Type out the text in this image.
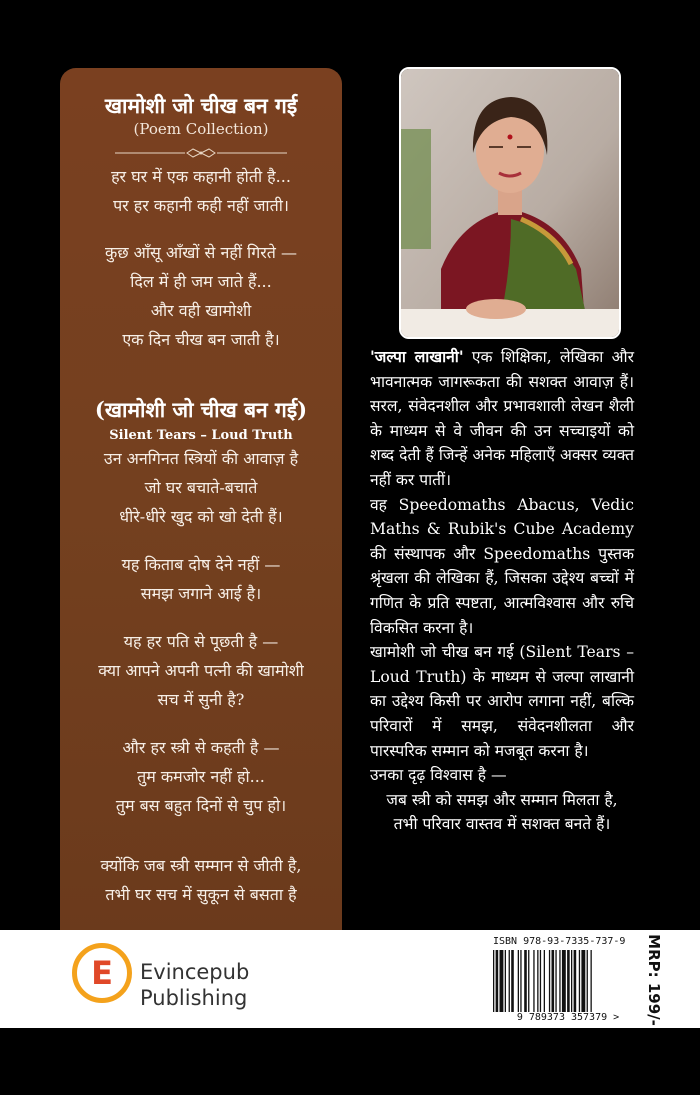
खामोशी जो चीख बन गई
(Poem Collection)
हर घर में एक कहानी होती है...
पर हर कहानी कही नहीं जाती।
कुछ आँसू आँखों से नहीं गिरते —
दिल में ही जम जाते हैं...
और वही खामोशी
एक दिन चीख बन जाती है।
(खामोशी जो चीख बन गई)
Silent Tears – Loud Truth
उन अनगिनत स्त्रियों की आवाज़ है
जो घर बचाते-बचाते
धीरे-धीरे खुद को खो देती हैं।
यह किताब दोष देने नहीं —
समझ जगाने आई है।
यह हर पति से पूछती है —
क्या आपने अपनी पत्नी की खामोशी
सच में सुनी है?
और हर स्त्री से कहती है —
तुम कमजोर नहीं हो...
तुम बस बहुत दिनों से चुप हो।
क्योंकि जब स्त्री सम्मान से जीती है,
तभी घर सच में सुकून से बसता है

'जल्पा लाखानी' एक शिक्षिका, लेखिका और भावनात्मक जागरूकता की सशक्त आवाज़ हैं। सरल, संवेदनशील और प्रभावशाली लेखन शैली के माध्यम से वे जीवन की उन सच्चाइयों को शब्द देती हैं जिन्हें अनेक महिलाएँ अक्सर व्यक्त नहीं कर पातीं।

वह Speedomaths Abacus, Vedic Maths & Rubik's Cube Academy की संस्थापक और Speedomaths पुस्तक श्रृंखला की लेखिका हैं, जिसका उद्देश्य बच्चों में गणित के प्रति स्पष्टता, आत्मविश्वास और रुचि विकसित करना है।

खामोशी जो चीख बन गई (Silent Tears – Loud Truth) के माध्यम से जल्पा लाखानी का उद्देश्य किसी पर आरोप लगाना नहीं, बल्कि परिवारों में समझ, संवेदनशीलता और पारस्परिक सम्मान को मजबूत करना है।

उनका दृढ़ विश्वास है —

जब स्त्री को समझ और सम्मान मिलता है,

तभी परिवार वास्तव में सशक्त बनते हैं।

E	Evincepub
Publishing
ISBN 978-93-7335-737-9
9 789373 357379 >	MRP: 199/-
